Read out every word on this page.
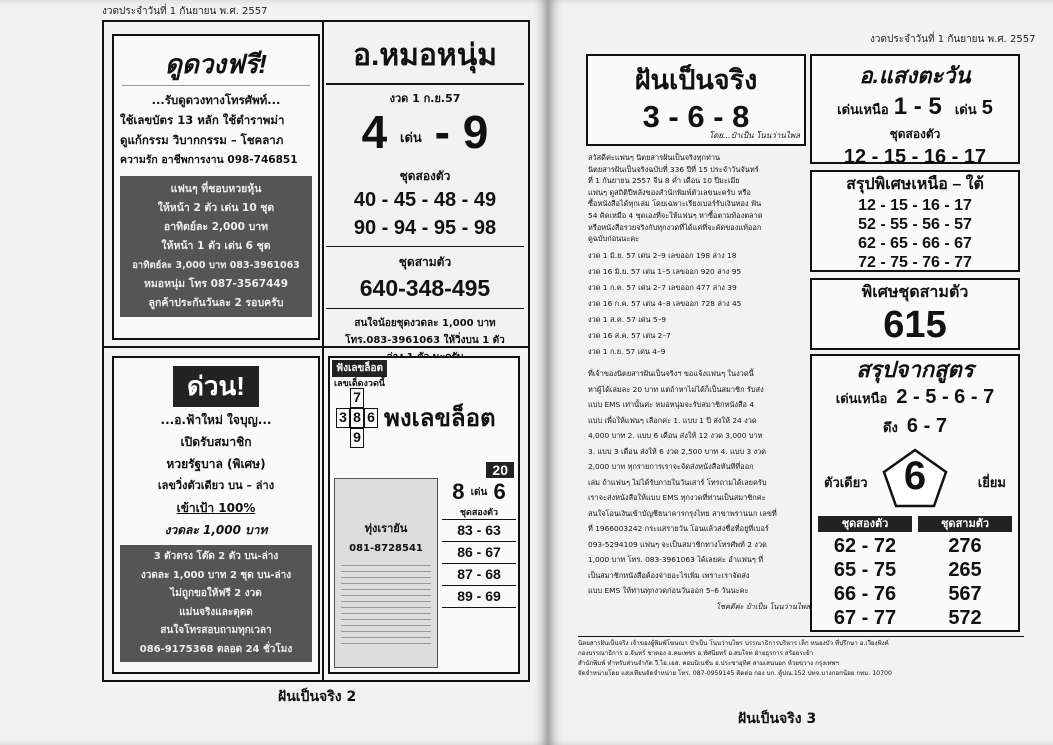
งวดประจำวันที่ 1 กันยายน พ.ศ. 2557
ดูดวงฟรี!
...รับดูดวงทางโทรศัพท์...
ใช้เลขบัตร 13 หลัก ใช้ตำราพม่า
ดูแก้กรรม วิบากกรรม – โชคลาภ
ความรัก อาชีพการงาน 098-746851
แฟนๆ ที่ชอบหวยหุ้น
ให้หน้า 2 ตัว เด่น 10 ชุด
อาทิตย์ละ 2,000 บาท
ให้หน้า 1 ตัว เด่น 6 ชุด
อาทิตย์ละ 3,000 บาท 083-3961063
หมอหนุ่ม โทร 087-3567449
ลูกค้าประกันวันละ 2 รอบครับ
อ.หมอหนุ่ม
งวด 1 ก.ย.57
4 เด่น - 9
ชุดสองตัว
40 - 45 - 48 - 49
90 - 94 - 95 - 98
ชุดสามตัว
640-348-495
สนใจน้อยชุดงวดละ 1,000 บาท
โทร.083-3961063 ให้วิ่งบน 1 ตัว
ด่วน!
...อ.ฟ้าใหม่ ใจบุญ...
เปิดรับสมาชิก
หวยรัฐบาล (พิเศษ)
เลขวิ่งตัวเดียว บน – ล่าง
เข้าเป้า 100%
งวดละ 1,000 บาท
3 ตัวตรง โต๊ด 2 ตัว บน-ล่าง
งวดละ 1,000 บาท 2 ชุด บน-ล่าง
ไม่ถูกขอให้ฟรี 2 งวด
แม่นจริงและดุดด
สนใจโทรสอบถามทุกเวลา
086-9175368 ตลอด 24 ชั่วโมง
ฟังเลขล็อต
เลขเด็ดงวดนี้
7
3 8 6
9
พงเลขล็อต
20
ทุ่งเรายัน
081-8728541
8 เด่น 6
ชุดสองตัว
83 - 63
86 - 67
87 - 68
89 - 69
ฝันเป็นจริง 2
งวดประจำวันที่ 1 กันยายน พ.ศ. 2557
ฝันเป็นจริง
3 - 6 - 8
โดย...ป๋าเป็น โนนว่านไพล
สวัสดีค่ะแฟนๆ นิตยสารฝันเป็นจริงทุกท่าน
นิตยสารฝันเป็นจริงฉบับที่ 336 ปีที่ 15 ประจำวันจันทร์
ที่ 1 กันยายน 2557 จีน 8 ค่ำ เดือน 10 ปีมะเมีย
แฟนๆ ดูสถิติปีหลังของสำนักพิมพ์ตัวเลขนะครับ หรือ
ซื้อหนังสือได้ทุกเล่ม โดยเฉพาะเรียงเบอร์รับเงินทอง ฟัน
54 คิดเหมือ 4 ชุดเองที่จะให้แฟนๆ หาซื้อตามท้องตลาด
หรือหนังสือรวยจริงกับทุกงวดที่ได้แค่ที่จะคัดของแท้ออก
ดูฉบับก่อนนะคะ
งวด 1 มิ.ย. 57 เด่น 2–9 เลขออก 198 ล่าง 18
งวด 16 มิ.ย. 57 เด่น 1–5 เลขออก 920 ล่าง 95
งวด 1 ก.ค. 57 เด่น 2–7 เลขออก 477 ล่าง 39
งวด 16 ก.ค. 57 เด่น 4–8 เลขออก 728 ล่าง 45
งวด 1 ส.ค. 57 เด่น 5–9
งวด 16 ส.ค. 57 เด่น 2–7
งวด 1 ก.ย. 57 เด่น 4–9
ที่เจ้าของนิตยสารฝันเป็นจริงฯ ขอแจ้งแฟนๆ ในงวดนี้
หาผู้ได้เล่มละ 20 บาท แต่ถ้าหาไม่ได้ก็เป็นสมาชิก รับส่ง
แบบ EMS เท่านั้นค่ะ หมอหนุ่มจะรับสมาชิกหนังสือ 4
แบบ เพื่อให้แฟนๆ เลือกค่ะ 1. แบบ 1 ปี ส่งให้ 24 งวด
4,000 บาท 2. แบบ 6 เดือน ส่งให้ 12 งวด 3,000 บาท
3. แบบ 3 เดือน ส่งให้ 6 งวด 2,500 บาท 4. แบบ 3 งวด
2,000 บาท ทุกรายการเราจะจัดส่งหนังสือทันทีที่ออก
เล่ม ถ้าแฟนๆ ไม่ได้รับภายในวันเสาร์ โทรถามได้เลยครับ
เราจะส่งหนังสือให้แบบ EMS ทุกงวดที่ท่านเป็นสมาชิกค่ะ
สนใจโอนเงินเข้าบัญชีธนาคารกรุงไทย สาขาพรานนก เลขที่
ที่ 1966003242 กระแสรายวัน โอนแล้วส่งชื่อที่อยู่ที่เบอร์
093-5294109 แฟนๆ จะเป็นสมาชิกทางโทรศัพท์ 2 งวด
1,000 บาท โทร. 083-3961063 ได้เลยค่ะ อำแฟนๆ ที่
เป็นสมาชิกหนังสือต้องจ่ายอะไรเพิ่ม เพราะเราจัดส่ง
แบบ EMS ให้ท่านทุกงวดก่อนวันออก 5–6 วันนะคะ
โชคดีค่ะ ป๋าเป็น โนนว่านไพล
อ.แสงตะวัน
เด่นเหนือ 1 - 5 เด่น 5
ชุดสองตัว
12 - 15 - 16 - 17
สรุปพิเศษเหนือ – ใต้
12 - 15 - 16 - 17
52 - 55 - 56 - 57
62 - 65 - 66 - 67
72 - 75 - 76 - 77
พิเศษชุดสามตัว
615
สรุปจากสูตร
เด่นเหนือ 2 - 5 - 6 - 7
ดึง 6 - 7
ตัวเดียว 6	เยี่ยม
ชุดสองตัว	ชุดสามตัว
62 - 72
65 - 75
66 - 76
67 - 77
276
265
567
572
นิตยสารฝันเป็นจริง เจ้าของผู้พิมพ์โฆษณา ป๋าเป็น โนนว่านไพร บรรณาธิการบริหาร เล็ก หนองบัว ที่ปรึกษา อ.เวียงพิงค์
กองบรรณาธิการ อ.จันทร์ ชาดอง อ.คมเพชร อ.ทัศนียทร์ อ.สมใจท ฝ่ายธุรการ สร้อยระย้า
สำนักพิมพ์ ทำหรับส่วนจำกัด วี.ไอ.เอส. คอมบิเนชั่น อ.ประชาอุทิศ สามเสนนอก ห้วยขวาง กรุงเทพฯ
จัดจำหน่ายโดย แสงเทียนจัดจำหน่าย โทร. 087-0959145 คิดต่อ กอง บก. ตู้ปณ.152 ปทจ.บางกอกน้อย กทม. 10700
ฝันเป็นจริง 3
